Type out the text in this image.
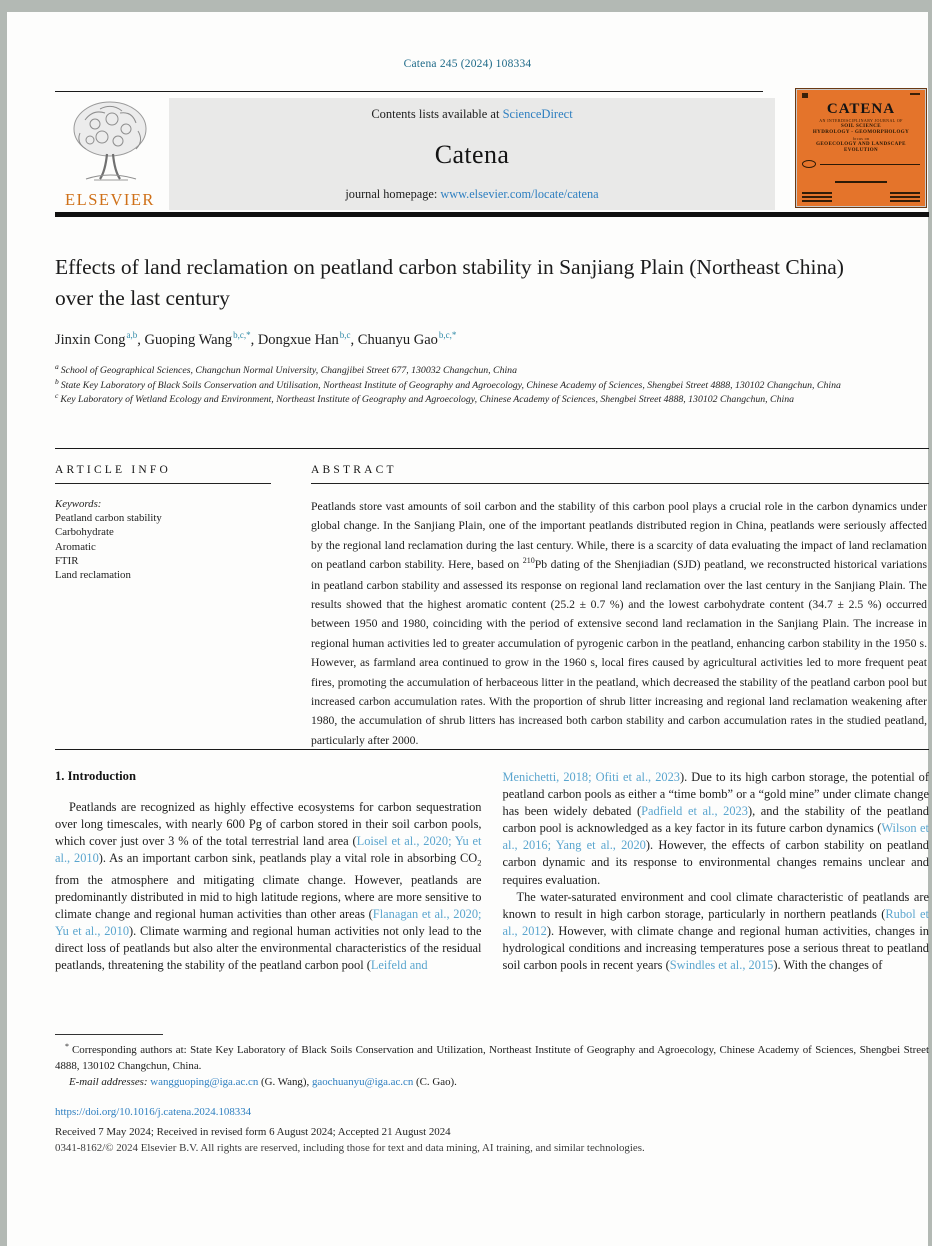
Catena 245 (2024) 108334
ELSEVIER
Contents lists available at ScienceDirect
Catena
journal homepage: www.elsevier.com/locate/catena
CATENA
AN INTERDISCIPLINARY JOURNAL OF
SOIL SCIENCE
HYDROLOGY - GEOMORPHOLOGY
focus on
GEOECOLOGY AND LANDSCAPE EVOLUTION
Effects of land reclamation on peatland carbon stability in Sanjiang Plain (Northeast China) over the last century
Jinxin Cong$^{a,b}$, Guoping Wang$^{b,c,*}$, Dongxue Han$^{b,c}$, Chuanyu Gao$^{b,c,*}$
$^a$ School of Geographical Sciences, Changchun Normal University, Changjibei Street 677, 130032 Changchun, China
$^b$ State Key Laboratory of Black Soils Conservation and Utilisation, Northeast Institute of Geography and Agroecology, Chinese Academy of Sciences, Shengbei Street 4888, 130102 Changchun, China
$^c$ Key Laboratory of Wetland Ecology and Environment, Northeast Institute of Geography and Agroecology, Chinese Academy of Sciences, Shengbei Street 4888, 130102 Changchun, China
ARTICLE INFO
Keywords:
Peatland carbon stability
Carbohydrate
Aromatic
FTIR
Land reclamation
ABSTRACT
Peatlands store vast amounts of soil carbon and the stability of this carbon pool plays a crucial role in the carbon dynamics under global change. In the Sanjiang Plain, one of the important peatlands distributed region in China, peatlands were seriously affected by the regional land reclamation during the last century. While, there is a scarcity of data evaluating the impact of land reclamation on peatland carbon stability. Here, based on $^{210}$Pb dating of the Shenjiadian (SJD) peatland, we reconstructed historical variations in peatland carbon stability and assessed its response on regional land reclamation over the last century in the Sanjiang Plain. The results showed that the highest aromatic content (25.2 ± 0.7 %) and the lowest carbohydrate content (34.7 ± 2.5 %) occurred between 1950 and 1980, coinciding with the period of extensive second land reclamation in the Sanjiang Plain. The increase in regional human activities led to greater accumulation of pyrogenic carbon in the peatland, enhancing carbon stability in the 1950 s. However, as farmland area continued to grow in the 1960 s, local fires caused by agricultural activities led to more frequent peat fires, promoting the accumulation of herbaceous litter in the peatland, which decreased the stability of the peatland carbon pool but increased carbon accumulation rates. With the proportion of shrub litter increasing and regional land reclamation weakening after 1980, the accumulation of shrub litters has increased both carbon stability and carbon accumulation rates in the studied peatland, particularly after 2000.
1. Introduction

Peatlands are recognized as highly effective ecosystems for carbon sequestration over long timescales, with nearly 600 Pg of carbon stored in their soil carbon pools, which cover just over 3 % of the total terrestrial land area (Loisel et al., 2020; Yu et al., 2010). As an important carbon sink, peatlands play a vital role in absorbing $CO_2$ from the atmosphere and mitigating climate change. However, peatlands are predominantly distributed in mid to high latitude regions, where are more sensitive to climate change and regional human activities than other areas (Flanagan et al., 2020; Yu et al., 2010). Climate warming and regional human activities not only lead to the direct loss of peatlands but also alter the environmental characteristics of the residual peatlands, threatening the stability of the peatland carbon pool (Leifeld and

Menichetti, 2018; Ofiti et al., 2023). Due to its high carbon storage, the potential of peatland carbon pools as either a “time bomb” or a “gold mine” under climate change has been widely debated (Padfield et al., 2023), and the stability of the peatland carbon pool is acknowledged as a key factor in its future carbon dynamics (Wilson et al., 2016; Yang et al., 2020). However, the effects of carbon stability on peatland carbon dynamic and its response to environmental changes remains unclear and requires evaluation.

The water-saturated environment and cool climate characteristic of peatlands are known to result in high carbon storage, particularly in northern peatlands (Rubol et al., 2012). However, with climate change and regional human activities, changes in hydrological conditions and increasing temperatures pose a serious threat to peatland soil carbon pools in recent years (Swindles et al., 2015). With the changes of

* Corresponding authors at: State Key Laboratory of Black Soils Conservation and Utilization, Northeast Institute of Geography and Agroecology, Chinese Academy of Sciences, Shengbei Street 4888, 130102 Changchun, China.
E-mail addresses: wangguoping@iga.ac.cn (G. Wang), gaochuanyu@iga.ac.cn (C. Gao).
https://doi.org/10.1016/j.catena.2024.108334
Received 7 May 2024; Received in revised form 6 August 2024; Accepted 21 August 2024
0341-8162/© 2024 Elsevier B.V. All rights are reserved, including those for text and data mining, AI training, and similar technologies.
